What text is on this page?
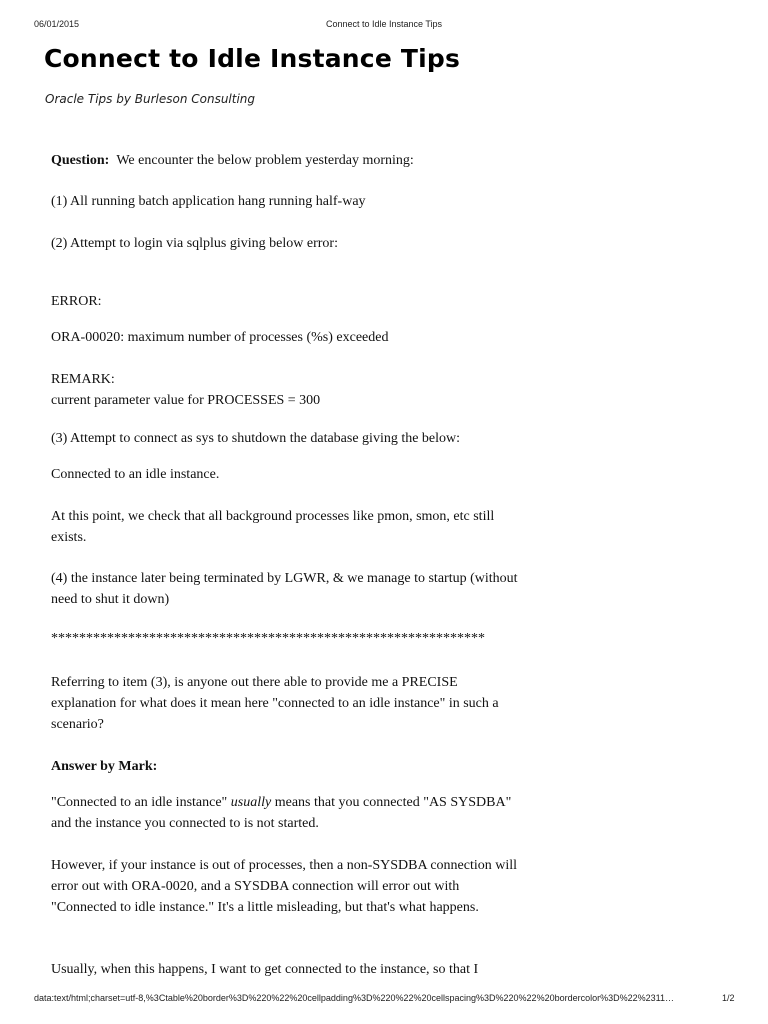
06/01/2015	Connect to Idle Instance Tips
Connect to Idle Instance Tips
Oracle Tips by Burleson Consulting

Question: We encounter the below problem yesterday morning:

(1) All running batch application hang running half-way

(2) Attempt to login via sqlplus giving below error:

ERROR:

ORA-00020: maximum number of processes (%s) exceeded

REMARK:

current parameter value for PROCESSES = 300

(3) Attempt to connect as sys to shutdown the database giving the below:

Connected to an idle instance.

At this point, we check that all background processes like pmon, smon, etc still exists.

(4) the instance later being terminated by LGWR, & we manage to startup (without need to shut it down)

**************************************************************

Referring to item (3), is anyone out there able to provide me a PRECISE explanation for what does it mean here "connected to an idle instance" in such a scenario?

Answer by Mark:

"Connected to an idle instance" usually means that you connected "AS SYSDBA" and the instance you connected to is not started.

However, if your instance is out of processes, then a non-SYSDBA connection will error out with ORA-0020, and a SYSDBA connection will error out with "Connected to idle instance." It's a little misleading, but that's what happens.

Usually, when this happens, I want to get connected to the instance, so that I

data:text/html;charset=utf-8,%3Ctable%20border%3D%220%22%20cellpadding%3D%220%22%20cellspacing%3D%220%22%20bordercolor%3D%22%2311…	1/2
